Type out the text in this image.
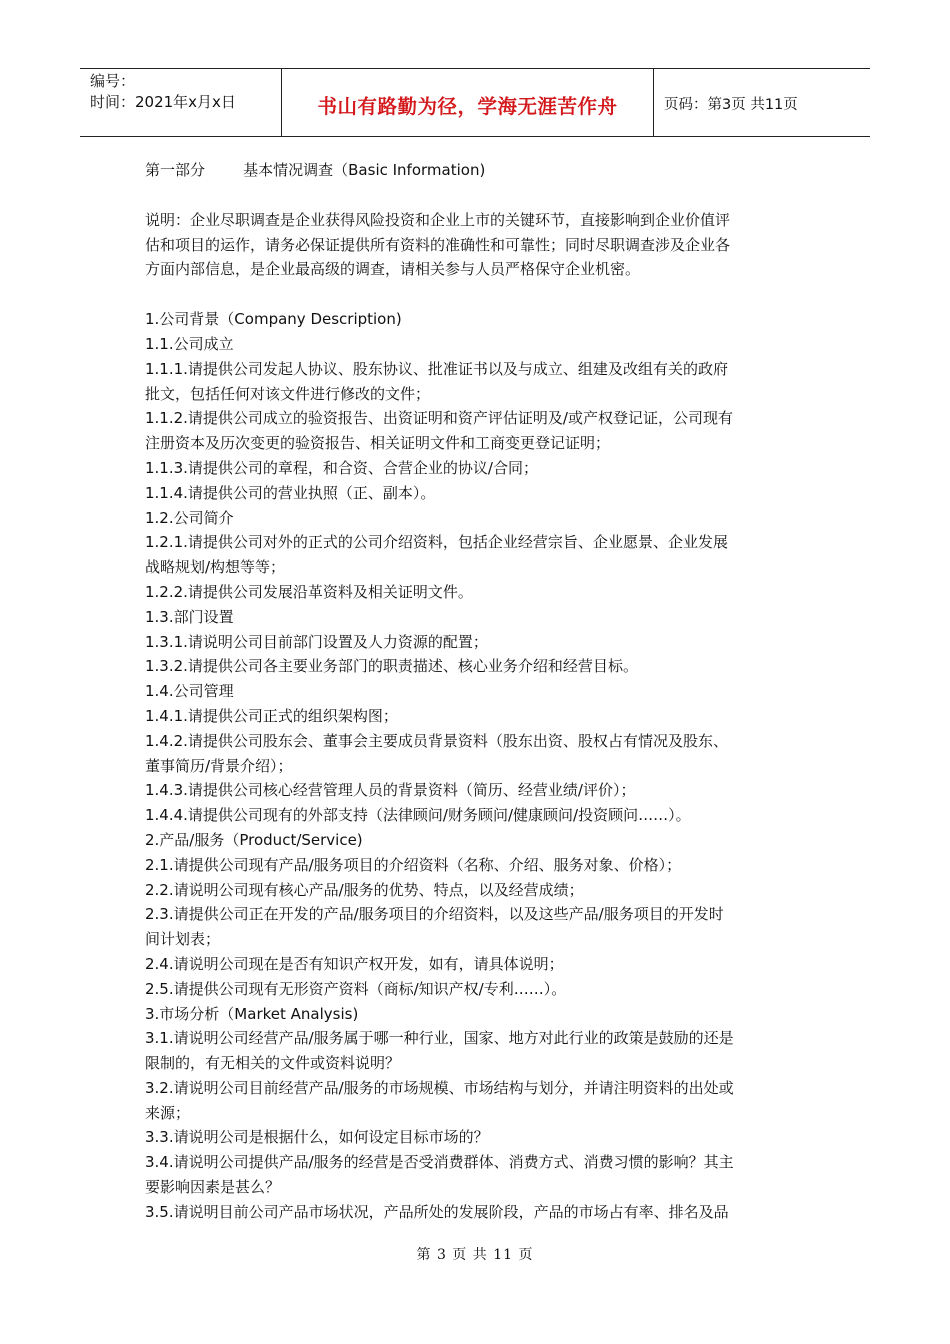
编号：
时间：2021年x月x日	书山有路勤为径，学海无涯苦作舟	页码：第3页 共11页
第一部分        基本情况调查（Basic Information)
说明：企业尽职调查是企业获得风险投资和企业上市的关键环节，直接影响到企业价值评
估和项目的运作，请务必保证提供所有资料的准确性和可靠性；同时尽职调查涉及企业各
方面内部信息，是企业最高级的调查，请相关参与人员严格保守企业机密。
1.公司背景（Company Description)
1.1.公司成立
1.1.1.请提供公司发起人协议、股东协议、批准证书以及与成立、组建及改组有关的政府
批文，包括任何对该文件进行修改的文件；
1.1.2.请提供公司成立的验资报告、出资证明和资产评估证明及/或产权登记证，公司现有
注册资本及历次变更的验资报告、相关证明文件和工商变更登记证明；
1.1.3.请提供公司的章程，和合资、合营企业的协议/合同；
1.1.4.请提供公司的营业执照（正、副本）。
1.2.公司简介
1.2.1.请提供公司对外的正式的公司介绍资料，包括企业经营宗旨、企业愿景、企业发展
战略规划/构想等等；
1.2.2.请提供公司发展沿革资料及相关证明文件。
1.3.部门设置
1.3.1.请说明公司目前部门设置及人力资源的配置；
1.3.2.请提供公司各主要业务部门的职责描述、核心业务介绍和经营目标。
1.4.公司管理
1.4.1.请提供公司正式的组织架构图；
1.4.2.请提供公司股东会、董事会主要成员背景资料（股东出资、股权占有情况及股东、
董事简历/背景介绍）；
1.4.3.请提供公司核心经营管理人员的背景资料（简历、经营业绩/评价）；
1.4.4.请提供公司现有的外部支持（法律顾问/财务顾问/健康顾问/投资顾问……）。
2.产品/服务（Product/Service)
2.1.请提供公司现有产品/服务项目的介绍资料（名称、介绍、服务对象、价格）；
2.2.请说明公司现有核心产品/服务的优势、特点，以及经营成绩；
2.3.请提供公司正在开发的产品/服务项目的介绍资料，以及这些产品/服务项目的开发时
间计划表；
2.4.请说明公司现在是否有知识产权开发，如有，请具体说明；
2.5.请提供公司现有无形资产资料（商标/知识产权/专利……）。
3.市场分析（Market Analysis)
3.1.请说明公司经营产品/服务属于哪一种行业，国家、地方对此行业的政策是鼓励的还是
限制的，有无相关的文件或资料说明？
3.2.请说明公司目前经营产品/服务的市场规模、市场结构与划分，并请注明资料的出处或
来源；
3.3.请说明公司是根据什么，如何设定目标市场的？
3.4.请说明公司提供产品/服务的经营是否受消费群体、消费方式、消费习惯的影响？其主
要影响因素是甚么？
3.5.请说明目前公司产品市场状况，产品所处的发展阶段，产品的市场占有率、排名及品
第 3 页 共 11 页
